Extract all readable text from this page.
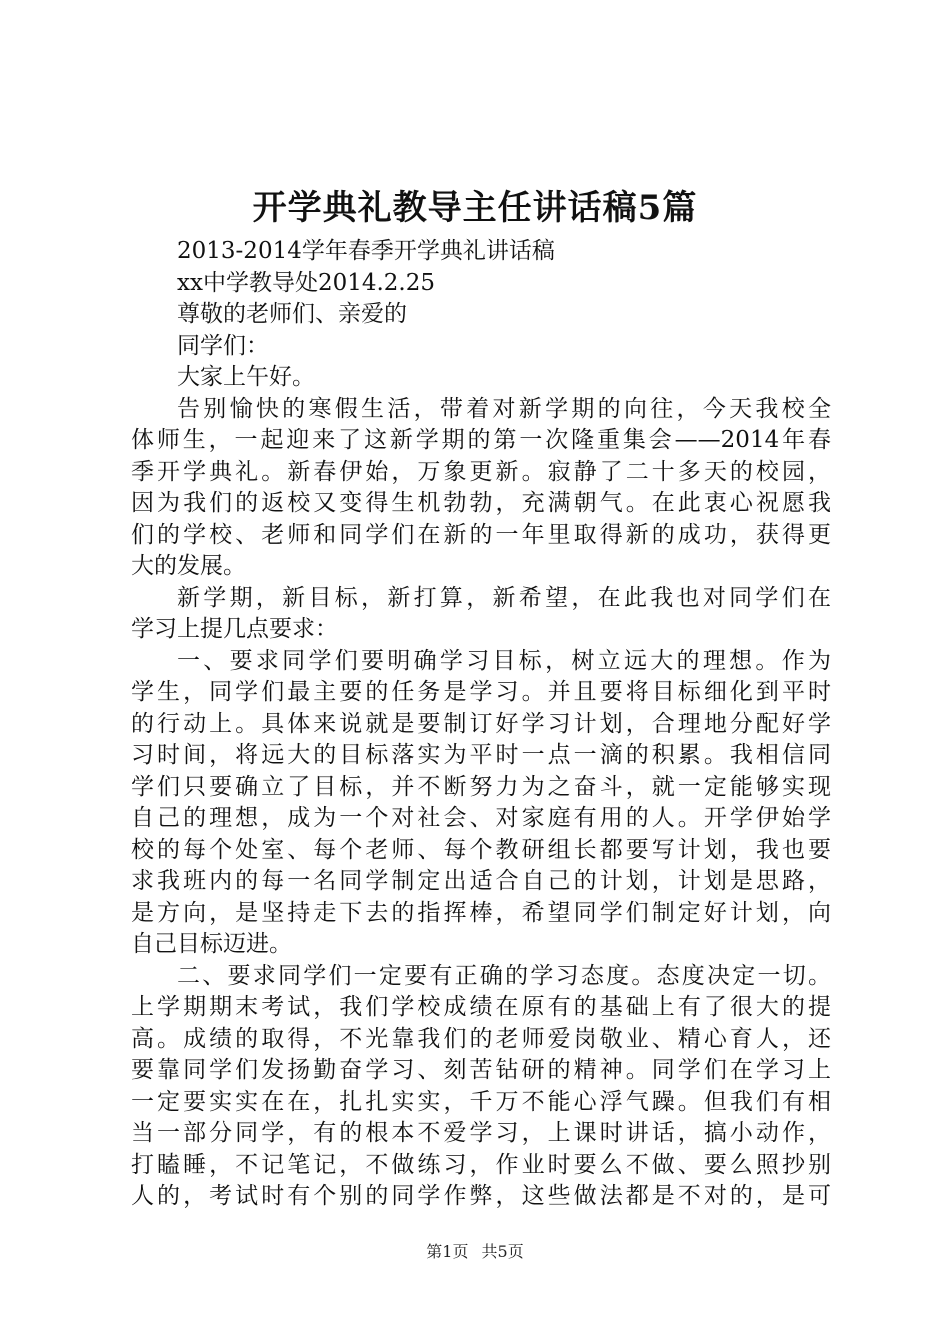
开学典礼教导主任讲话稿5篇
2013-2014学年春季开学典礼讲话稿
xx中学教导处2014.2.25
尊敬的老师们、亲爱的
同学们：
大家上午好。
告别愉快的寒假生活，带着对新学期的向往，今天我校全
体师生，一起迎来了这新学期的第一次隆重集会——2014年春
季开学典礼。新春伊始，万象更新。寂静了二十多天的校园，
因为我们的返校又变得生机勃勃，充满朝气。在此衷心祝愿我
们的学校、老师和同学们在新的一年里取得新的成功，获得更
大的发展。
新学期，新目标，新打算，新希望，在此我也对同学们在
学习上提几点要求：
一、要求同学们要明确学习目标，树立远大的理想。作为
学生，同学们最主要的任务是学习。并且要将目标细化到平时
的行动上。具体来说就是要制订好学习计划，合理地分配好学
习时间，将远大的目标落实为平时一点一滴的积累。我相信同
学们只要确立了目标，并不断努力为之奋斗，就一定能够实现
自己的理想，成为一个对社会、对家庭有用的人。开学伊始学
校的每个处室、每个老师、每个教研组长都要写计划，我也要
求我班内的每一名同学制定出适合自己的计划，计划是思路，
是方向，是坚持走下去的指挥棒，希望同学们制定好计划，向
自己目标迈进。
二、要求同学们一定要有正确的学习态度。态度决定一切。
上学期期末考试，我们学校成绩在原有的基础上有了很大的提
高。成绩的取得，不光靠我们的老师爱岗敬业、精心育人，还
要靠同学们发扬勤奋学习、刻苦钻研的精神。同学们在学习上
一定要实实在在，扎扎实实，千万不能心浮气躁。但我们有相
当一部分同学，有的根本不爱学习，上课时讲话，搞小动作，
打瞌睡，不记笔记，不做练习，作业时要么不做、要么照抄别
人的，考试时有个别的同学作弊，这些做法都是不对的，是可
第1页 共5页
